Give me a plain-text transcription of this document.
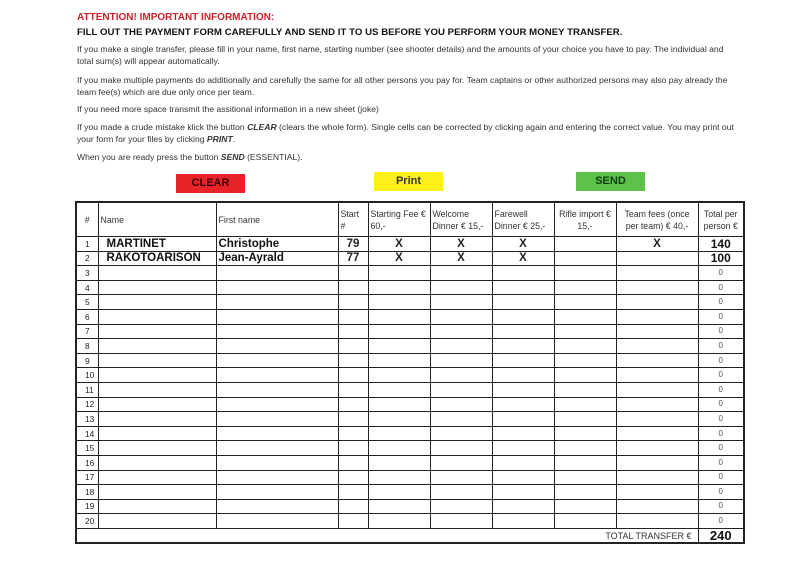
ATTENTION! IMPORTANT INFORMATION:
FILL OUT THE PAYMENT FORM CAREFULLY AND SEND IT TO US BEFORE YOU PERFORM YOUR MONEY TRANSFER.
If you make a single transfer, please fill in your name, first name, starting number (see shooter details) and the amounts of your choice you have to pay. The individual and total sum(s) will appear automatically.
If you make multiple payments do additionally and carefully the same for all other persons you pay for. Team captains or other authorized persons may also pay already the team fee(s) which are due only once per team.
If you need more space transmit the assitional information in a new sheet (joke)
If you made a crude mistake klick the button CLEAR (clears the whole form). Single cells can be corrected by clicking again and entering the correct value. You may print out your form for your files by clicking PRINT.
When you are ready press the button SEND (ESSENTIAL).
CLEAR	Print	SEND
#	Name	First name	Start #	Starting Fee € 60,-	Welcome Dinner € 15,-	Farewell Dinner € 25,-	Rifle import € 15,-	Team fees (once per team) € 40,-	Total per person €
1	MARTINET	Christophe	79	X	X	X		X	140
2	RAKOTOARISON	Jean-Ayrald	77	X	X	X			100
3									0
4									0
5									0
6									0
7									0
8									0
9									0
10									0
11									0
12									0
13									0
14									0
15									0
16									0
17									0
18									0
19									0
20									0
TOTAL TRANSFER €									240
